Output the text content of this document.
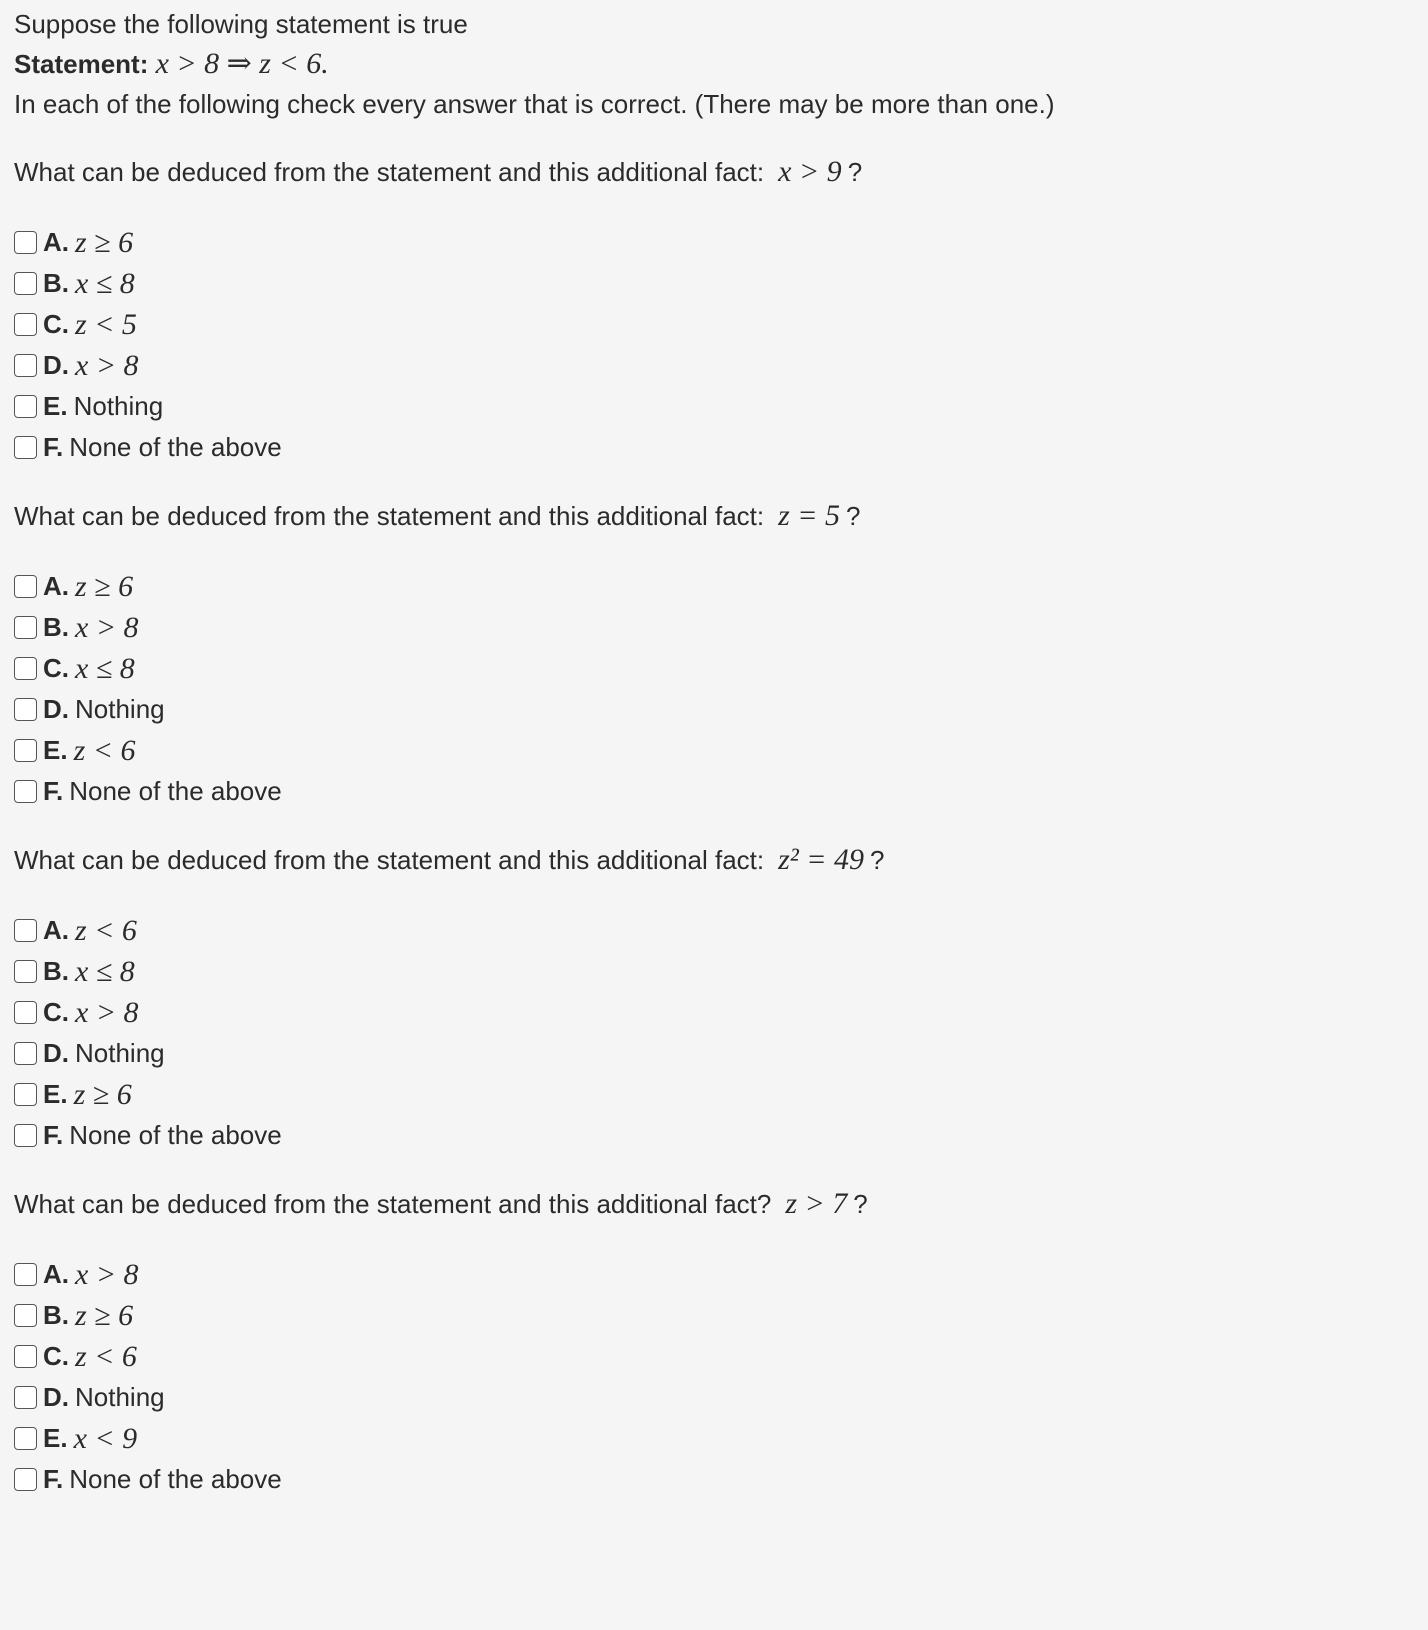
Suppose the following statement is true
Statement: x > 8 ⇒ z < 6.
In each of the following check every answer that is correct. (There may be more than one.)
What can be deduced from the statement and this additional fact: x > 9 ?
A. z ≥ 6
B. x ≤ 8
C. z < 5
D. x > 8
E. Nothing
F. None of the above
What can be deduced from the statement and this additional fact: z = 5 ?
A. z ≥ 6
B. x > 8
C. x ≤ 8
D. Nothing
E. z < 6
F. None of the above
What can be deduced from the statement and this additional fact: z² = 49 ?
A. z < 6
B. x ≤ 8
C. x > 8
D. Nothing
E. z ≥ 6
F. None of the above
What can be deduced from the statement and this additional fact? z > 7 ?
A. x > 8
B. z ≥ 6
C. z < 6
D. Nothing
E. x < 9
F. None of the above
